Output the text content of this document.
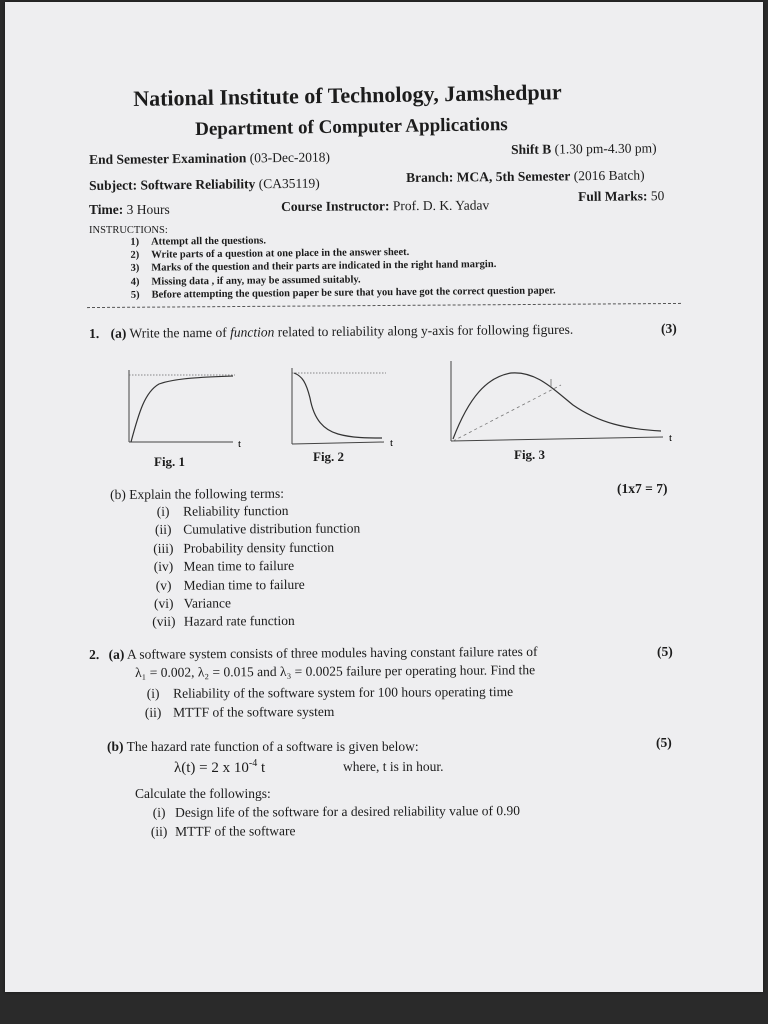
National Institute of Technology, Jamshedpur
Department of Computer Applications
End Semester Examination (03-Dec-2018)
Shift B (1.30 pm-4.30 pm)
Subject: Software Reliability (CA35119)	Branch: MCA, 5th Semester (2016 Batch)
Time: 3 Hours	Course Instructor: Prof. D. K. Yadav
Full Marks: 50
INSTRUCTIONS:
1) Attempt all the questions.
2) Write parts of a question at one place in the answer sheet.
3) Marks of the question and their parts are indicated in the right hand margin.
4) Missing data , if any, may be assumed suitably.
5) Before attempting the question paper be sure that you have got the correct question paper.
1. (a) Write the name of function related to reliability along y-axis for following figures.	(3)
t
Fig. 1
t
Fig. 2
t
Fig. 3
(b) Explain the following terms:	(1x7 = 7)
(i) Reliability function
(ii) Cumulative distribution function
(iii) Probability density function
(iv) Mean time to failure
(v) Median time to failure
(vi) Variance
(vii) Hazard rate function
2. (a) A software system consists of three modules having constant failure rates of	(5)
λ₁ = 0.002, λ₂ = 0.015 and λ₃ = 0.0025 failure per operating hour. Find the
(i) Reliability of the software system for 100 hours operating time
(ii) MTTF of the software system
(b) The hazard rate function of a software is given below:	(5)
λ(t) = 2 x $10^{-4}$ t	where, t is in hour.
Calculate the followings:
(i) Design life of the software for a desired reliability value of 0.90
(ii) MTTF of the software
